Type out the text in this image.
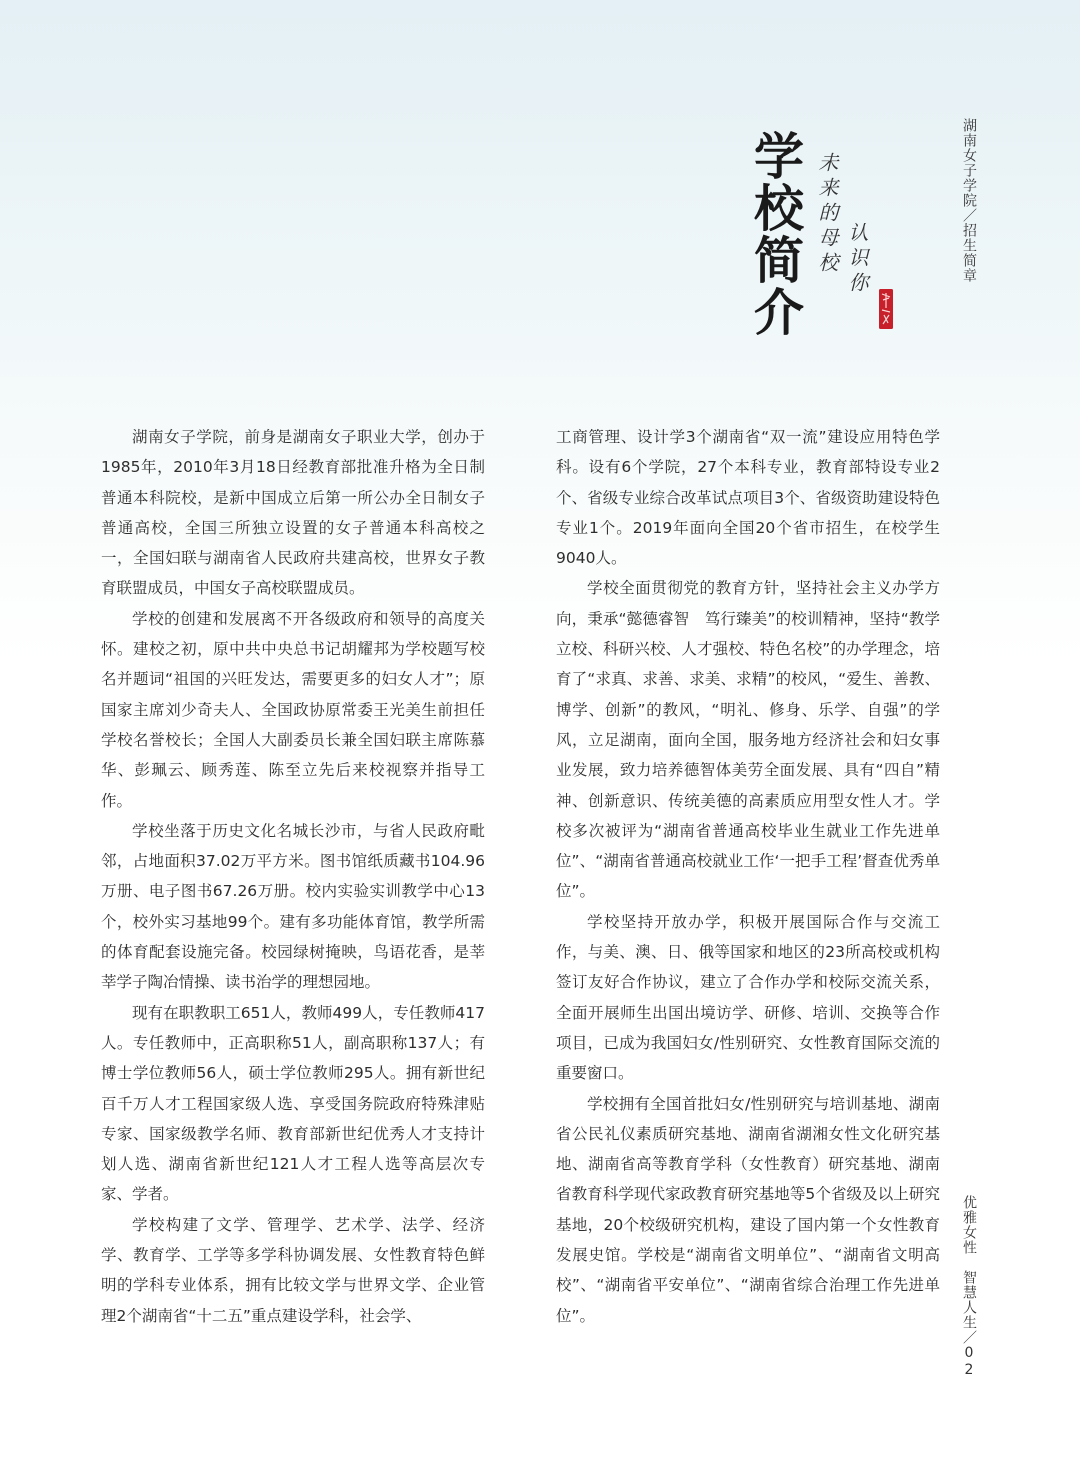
学校简介 未来的母校 认识你
湖南女子学院／招生简章
优雅女性　智慧人生／02

湖南女子学院，前身是湖南女子职业大学，创办于1985年，2010年3月18日经教育部批准升格为全日制普通本科院校，是新中国成立后第一所公办全日制女子普通高校，全国三所独立设置的女子普通本科高校之一，全国妇联与湖南省人民政府共建高校，世界女子教育联盟成员，中国女子高校联盟成员。

学校的创建和发展离不开各级政府和领导的高度关怀。建校之初，原中共中央总书记胡耀邦为学校题写校名并题词“祖国的兴旺发达，需要更多的妇女人才”；原国家主席刘少奇夫人、全国政协原常委王光美生前担任学校名誉校长；全国人大副委员长兼全国妇联主席陈慕华、彭珮云、顾秀莲、陈至立先后来校视察并指导工作。

学校坐落于历史文化名城长沙市，与省人民政府毗邻，占地面积37.02万平方米。图书馆纸质藏书104.96万册、电子图书67.26万册。校内实验实训教学中心13个，校外实习基地99个。建有多功能体育馆，教学所需的体育配套设施完备。校园绿树掩映，鸟语花香，是莘莘学子陶冶情操、读书治学的理想园地。

现有在职教职工651人，教师499人，专任教师417人。专任教师中，正高职称51人，副高职称137人；有博士学位教师56人，硕士学位教师295人。拥有新世纪百千万人才工程国家级人选、享受国务院政府特殊津贴专家、国家级教学名师、教育部新世纪优秀人才支持计划人选、湖南省新世纪121人才工程人选等高层次专家、学者。

学校构建了文学、管理学、艺术学、法学、经济学、教育学、工学等多学科协调发展、女性教育特色鲜明的学科专业体系，拥有比较文学与世界文学、企业管理2个湖南省“十二五”重点建设学科，社会学、

工商管理、设计学3个湖南省“双一流”建设应用特色学科。设有6个学院，27个本科专业，教育部特设专业2个、省级专业综合改革试点项目3个、省级资助建设特色专业1个。2019年面向全国20个省市招生，在校学生9040人。

学校全面贯彻党的教育方针，坚持社会主义办学方向，秉承“懿德睿智　笃行臻美”的校训精神，坚持“教学立校、科研兴校、人才强校、特色名校”的办学理念，培育了“求真、求善、求美、求精”的校风，“爱生、善教、博学、创新”的教风，“明礼、修身、乐学、自强”的学风，立足湖南，面向全国，服务地方经济社会和妇女事业发展，致力培养德智体美劳全面发展、具有“四自”精神、创新意识、传统美德的高素质应用型女性人才。学校多次被评为“湖南省普通高校毕业生就业工作先进单位”、“湖南省普通高校就业工作‘一把手工程’督查优秀单位”。

学校坚持开放办学，积极开展国际合作与交流工作，与美、澳、日、俄等国家和地区的23所高校或机构签订友好合作协议，建立了合作办学和校际交流关系，全面开展师生出国出境访学、研修、培训、交换等合作项目，已成为我国妇女/性别研究、女性教育国际交流的重要窗口。

学校拥有全国首批妇女/性别研究与培训基地、湖南省公民礼仪素质研究基地、湖南省湖湘女性文化研究基地、湖南省高等教育学科（女性教育）研究基地、湖南省教育科学现代家政教育研究基地等5个省级及以上研究基地，20个校级研究机构，建设了国内第一个女性教育发展史馆。学校是“湖南省文明单位”、“湖南省文明高校”、“湖南省平安单位”、“湖南省综合治理工作先进单位”。
